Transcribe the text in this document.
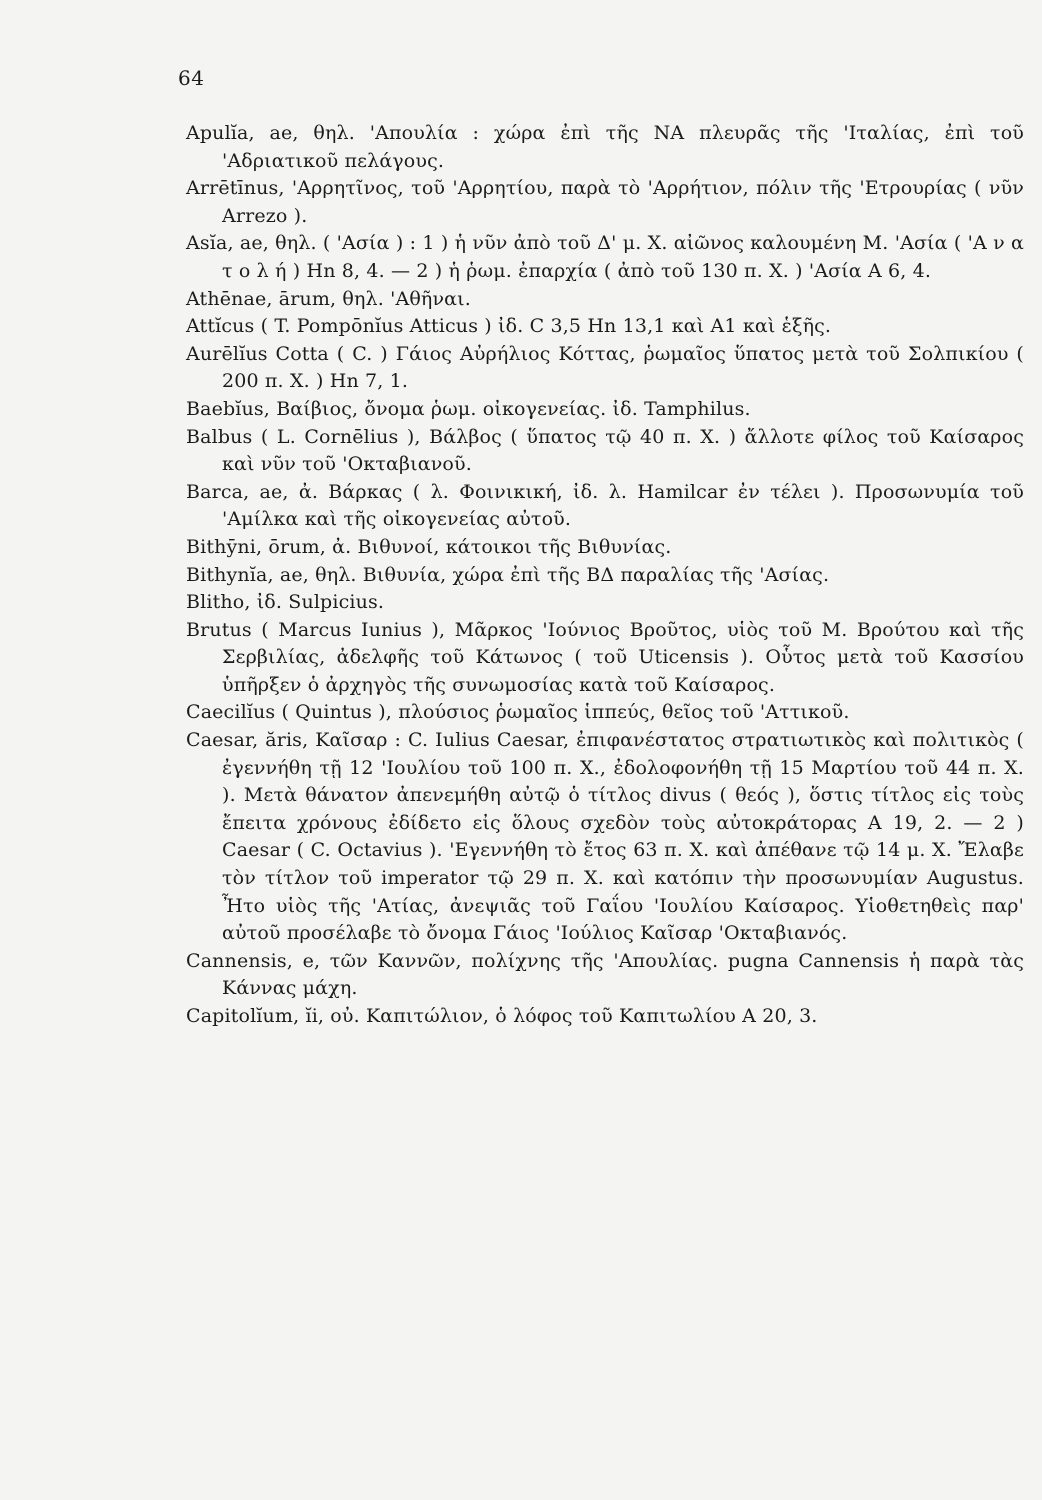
64

Apulĭa, ae, θηλ. 'Απουλία : χώρα ἐπὶ τῆς ΝΑ πλευρᾶς τῆς 'Ιταλίας, ἐπὶ τοῦ 'Αδριατικοῦ πελάγους.

Arrētīnus, 'Αρρητῖνος, τοῦ 'Αρρητίου, παρὰ τὸ 'Αρρήτιον, πόλιν τῆς 'Ετρουρίας ( νῦν Arrezo ).

Asĭa, ae, θηλ. ( 'Ασία ) : 1 ) ἡ νῦν ἀπὸ τοῦ Δ' μ. Χ. αἰῶνος καλουμένη Μ. 'Ασία ( 'Α ν α τ ο λ ή ) Hn 8, 4. — 2 ) ἡ ῥωμ. ἐπαρχία ( ἀπὸ τοῦ 130 π. Χ. ) 'Ασία Α 6, 4.

Athēnae, ārum, θηλ. 'Αθῆναι.

Attĭcus ( T. Pompōnĭus Atticus ) ἰδ. C 3,5 Hn 13,1 καὶ A1 καὶ ἑξῆς.

Aurēlĭus Cotta ( C. ) Γάιος Αὐρήλιος Κόττας, ῥωμαῖος ὕπατος μετὰ τοῦ Σολπικίου ( 200 π. Χ. ) Hn 7, 1.

Baebĭus, Βαίβιος, ὄνομα ῥωμ. οἰκογενείας. ἰδ. Tamphilus.

Balbus ( L. Cornēlius ), Βάλβος ( ὕπατος τῷ 40 π. Χ. ) ἄλλοτε φίλος τοῦ Καίσαρος καὶ νῦν τοῦ 'Οκταβιανοῦ.

Barca, ae, ἀ. Βάρκας ( λ. Φοινικική, ἰδ. λ. Hamilcar ἐν τέλει ). Προσωνυμία τοῦ 'Αμίλκα καὶ τῆς οἰκογενείας αὐτοῦ.

Bithȳni, ōrum, ἀ. Βιθυνοί, κάτοικοι τῆς Βιθυνίας.

Bithynĭa, ae, θηλ. Βιθυνία, χώρα ἐπὶ τῆς ΒΔ παραλίας τῆς 'Ασίας.

Blitho, ἰδ. Sulpicius.

Brutus ( Marcus Iunius ), Μᾶρκος 'Ιούνιος Βροῦτος, υἱὸς τοῦ Μ. Βρούτου καὶ τῆς Σερβιλίας, ἀδελφῆς τοῦ Κάτωνος ( τοῦ Uticensis ). Οὗτος μετὰ τοῦ Κασσίου ὑπῆρξεν ὁ ἀρχηγὸς τῆς συνωμοσίας κατὰ τοῦ Καίσαρος.

Caecilĭus ( Quintus ), πλούσιος ῥωμαῖος ἱππεύς, θεῖος τοῦ 'Αττικοῦ.

Caesar, ăris, Καῖσαρ : C. Iulius Caesar, ἐπιφανέστατος στρατιωτικὸς καὶ πολιτικὸς ( ἐγεννήθη τῇ 12 'Ιουλίου τοῦ 100 π. Χ., ἐδολοφονήθη τῇ 15 Μαρτίου τοῦ 44 π. Χ. ). Μετὰ θάνατον ἀπενεμήθη αὐτῷ ὁ τίτλος divus ( θεός ), ὅστις τίτλος εἰς τοὺς ἔπειτα χρόνους ἐδίδετο εἰς ὅλους σχεδὸν τοὺς αὐτοκράτορας Α 19, 2. — 2 ) Caesar ( C. Octavius ). 'Εγεννήθη τὸ ἔτος 63 π. Χ. καὶ ἀπέθανε τῷ 14 μ. Χ. Ἔλαβε τὸν τίτλον τοῦ imperator τῷ 29 π. Χ. καὶ κατόπιν τὴν προσωνυμίαν Augustus. Ἦτο υἱὸς τῆς 'Ατίας, ἀνεψιᾶς τοῦ Γαΐου 'Ιουλίου Καίσαρος. Υἱοθετηθεὶς παρ' αὐτοῦ προσέλαβε τὸ ὄνομα Γάιος 'Ιούλιος Καῖσαρ 'Οκταβιανός.

Cannensis, e, τῶν Καννῶν, πολίχνης τῆς 'Απουλίας. pugna Cannensis ἡ παρὰ τὰς Κάννας μάχη.

Capitolĭum, ĭi, οὐ. Καπιτώλιον, ὁ λόφος τοῦ Καπιτωλίου Α 20, 3.
